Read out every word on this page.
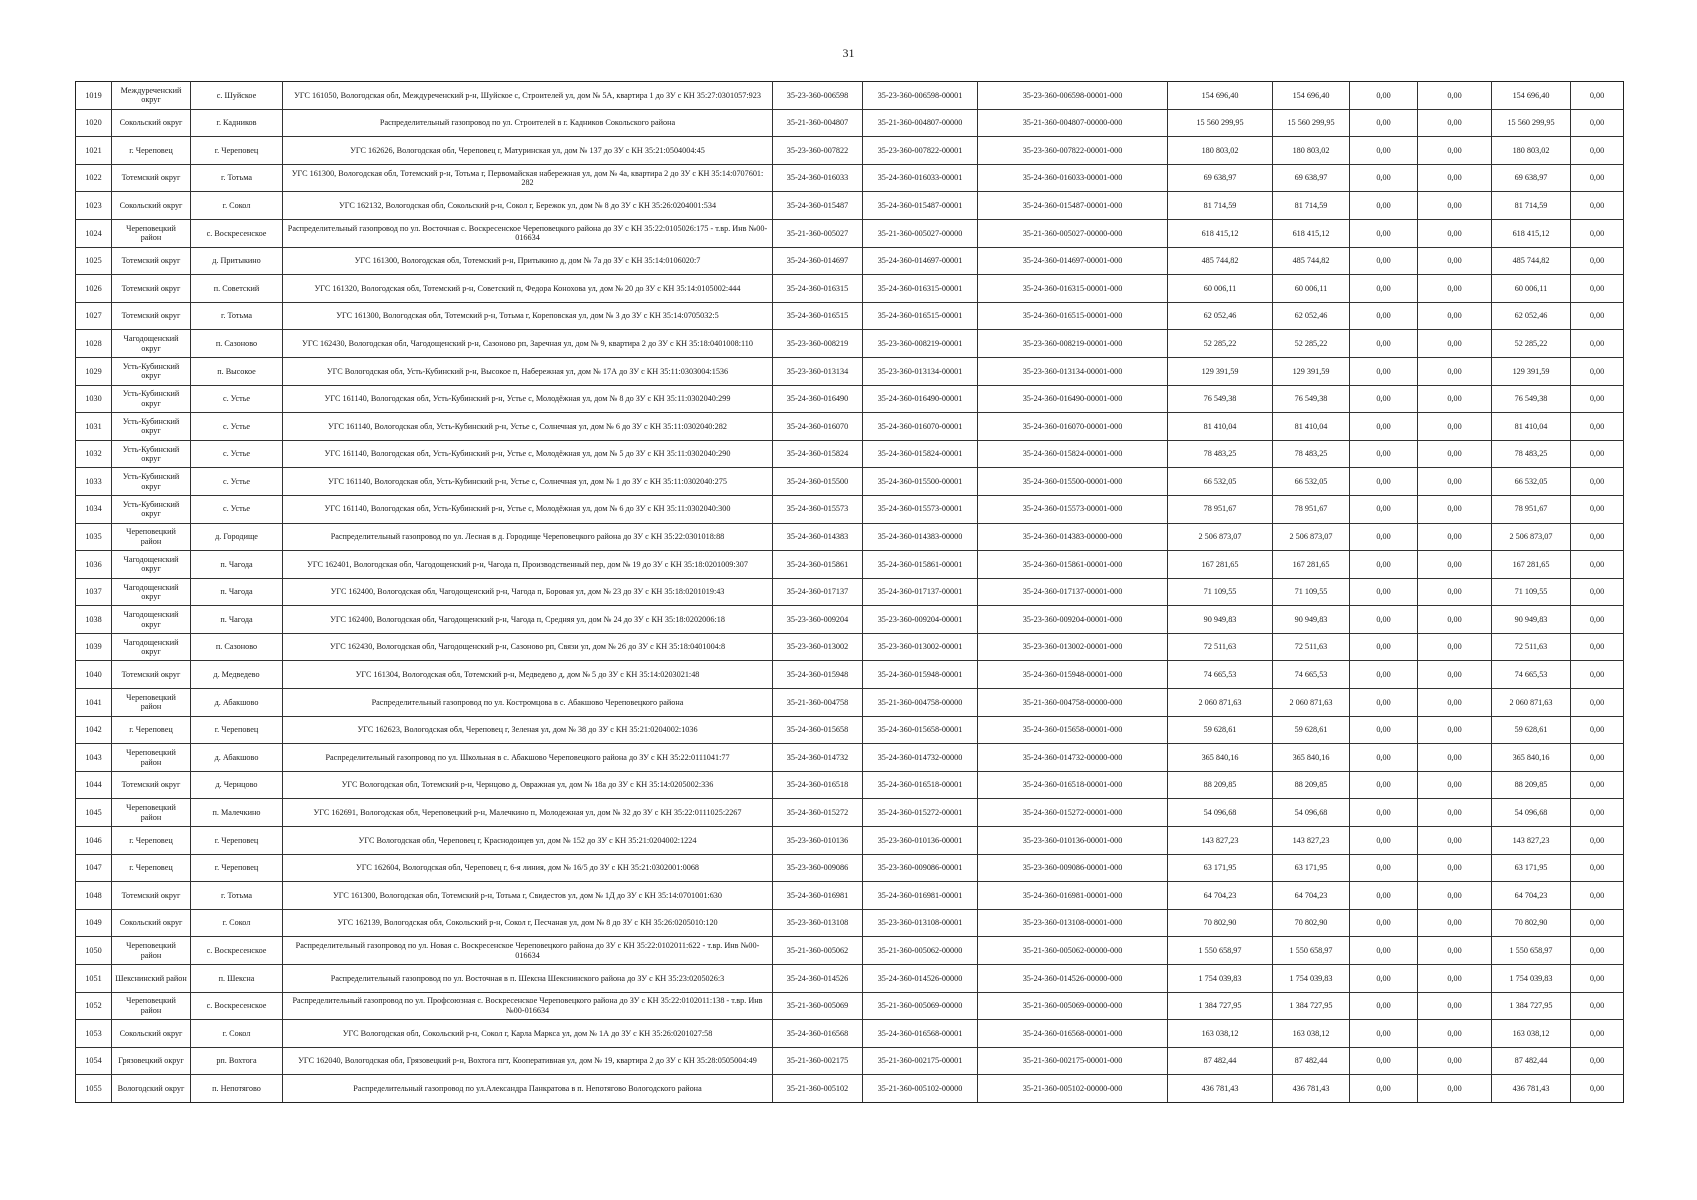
31
1019	Междуреченский округ	с. Шуйское	УГС 161050, Вологодская обл, Междуреченский р-н, Шуйское с, Строителей ул, дом № 5А, квартира 1 до ЗУ с КН 35:27:0301057:923	35-23-360-006598	35-23-360-006598-00001	35-23-360-006598-00001-000	154 696,40	154 696,40	0,00	0,00	154 696,40	0,00
1020	Сокольский округ	г. Кадников	Распределительный газопровод по ул. Строителей в г. Кадников Сокольского района	35-21-360-004807	35-21-360-004807-00000	35-21-360-004807-00000-000	15 560 299,95	15 560 299,95	0,00	0,00	15 560 299,95	0,00
1021	г. Череповец	г. Череповец	УГС 162626, Вологодская обл, Череповец г, Матуринская ул, дом № 137 до ЗУ с КН 35:21:0504004:45	35-23-360-007822	35-23-360-007822-00001	35-23-360-007822-00001-000	180 803,02	180 803,02	0,00	0,00	180 803,02	0,00
1022	Тотемский округ	г. Тотьма	УГС 161300, Вологодская обл, Тотемский р-н, Тотьма г, Первомайская набережная ул, дом № 4а, квартира 2 до ЗУ с КН 35:14:0707601: 282	35-24-360-016033	35-24-360-016033-00001	35-24-360-016033-00001-000	69 638,97	69 638,97	0,00	0,00	69 638,97	0,00
1023	Сокольский округ	г. Сокол	УГС 162132, Вологодская обл, Сокольский р-н, Сокол г, Бережок ул, дом № 8 до ЗУ с КН 35:26:0204001:534	35-24-360-015487	35-24-360-015487-00001	35-24-360-015487-00001-000	81 714,59	81 714,59	0,00	0,00	81 714,59	0,00
1024	Череповецкий район	с. Воскресенское	Распределительный газопровод по ул. Восточная с. Воскресенское Череповецкого района до ЗУ с КН 35:22:0105026:175 - т.вр. Инв №00-016634	35-21-360-005027	35-21-360-005027-00000	35-21-360-005027-00000-000	618 415,12	618 415,12	0,00	0,00	618 415,12	0,00
1025	Тотемский округ	д. Притыкино	УГС 161300, Вологодская обл, Тотемский р-н, Притыкино д, дом № 7а до ЗУ с КН 35:14:0106020:7	35-24-360-014697	35-24-360-014697-00001	35-24-360-014697-00001-000	485 744,82	485 744,82	0,00	0,00	485 744,82	0,00
1026	Тотемский округ	п. Советский	УГС 161320, Вологодская обл, Тотемский р-н, Советский п, Федора Конохова ул, дом № 20 до ЗУ с КН 35:14:0105002:444	35-24-360-016315	35-24-360-016315-00001	35-24-360-016315-00001-000	60 006,11	60 006,11	0,00	0,00	60 006,11	0,00
1027	Тотемский округ	г. Тотьма	УГС 161300, Вологодская обл, Тотемский р-н, Тотьма г, Кореповская ул, дом № 3 до ЗУ с КН 35:14:0705032:5	35-24-360-016515	35-24-360-016515-00001	35-24-360-016515-00001-000	62 052,46	62 052,46	0,00	0,00	62 052,46	0,00
1028	Чагодощенский округ	п. Сазоново	УГС 162430, Вологодская обл, Чагодощенский р-н, Сазоново рп, Заречная ул, дом № 9, квартира 2 до ЗУ с КН 35:18:0401008:110	35-23-360-008219	35-23-360-008219-00001	35-23-360-008219-00001-000	52 285,22	52 285,22	0,00	0,00	52 285,22	0,00
1029	Усть-Кубинский округ	п. Высокое	УГС Вологодская обл, Усть-Кубинский р-н, Высокое п, Набережная ул, дом № 17А до ЗУ с КН 35:11:0303004:1536	35-23-360-013134	35-23-360-013134-00001	35-23-360-013134-00001-000	129 391,59	129 391,59	0,00	0,00	129 391,59	0,00
1030	Усть-Кубинский округ	с. Устье	УГС 161140, Вологодская обл, Усть-Кубинский р-н, Устье с, Молодёжная ул, дом № 8 до ЗУ с КН 35:11:0302040:299	35-24-360-016490	35-24-360-016490-00001	35-24-360-016490-00001-000	76 549,38	76 549,38	0,00	0,00	76 549,38	0,00
1031	Усть-Кубинский округ	с. Устье	УГС 161140, Вологодская обл, Усть-Кубинский р-н, Устье с, Солнечная ул, дом № 6 до ЗУ с КН 35:11:0302040:282	35-24-360-016070	35-24-360-016070-00001	35-24-360-016070-00001-000	81 410,04	81 410,04	0,00	0,00	81 410,04	0,00
1032	Усть-Кубинский округ	с. Устье	УГС 161140, Вологодская обл, Усть-Кубинский р-н, Устье с, Молодёжная ул, дом № 5 до ЗУ с КН 35:11:0302040:290	35-24-360-015824	35-24-360-015824-00001	35-24-360-015824-00001-000	78 483,25	78 483,25	0,00	0,00	78 483,25	0,00
1033	Усть-Кубинский округ	с. Устье	УГС 161140, Вологодская обл, Усть-Кубинский р-н, Устье с, Солнечная ул, дом № 1 до ЗУ с КН 35:11:0302040:275	35-24-360-015500	35-24-360-015500-00001	35-24-360-015500-00001-000	66 532,05	66 532,05	0,00	0,00	66 532,05	0,00
1034	Усть-Кубинский округ	с. Устье	УГС 161140, Вологодская обл, Усть-Кубинский р-н, Устье с, Молодёжная ул, дом № 6 до ЗУ с КН 35:11:0302040:300	35-24-360-015573	35-24-360-015573-00001	35-24-360-015573-00001-000	78 951,67	78 951,67	0,00	0,00	78 951,67	0,00
1035	Череповецкий район	д. Городище	Распределительный газопровод по ул. Лесная в д. Городище Череповецкого района до ЗУ с КН 35:22:0301018:88	35-24-360-014383	35-24-360-014383-00000	35-24-360-014383-00000-000	2 506 873,07	2 506 873,07	0,00	0,00	2 506 873,07	0,00
1036	Чагодощенский округ	п. Чагода	УГС 162401, Вологодская обл, Чагодощенский р-н, Чагода п, Производственный пер, дом № 19 до ЗУ с КН 35:18:0201009:307	35-24-360-015861	35-24-360-015861-00001	35-24-360-015861-00001-000	167 281,65	167 281,65	0,00	0,00	167 281,65	0,00
1037	Чагодощенский округ	п. Чагода	УГС 162400, Вологодская обл, Чагодощенский р-н, Чагода п, Боровая ул, дом № 23 до ЗУ с КН 35:18:0201019:43	35-24-360-017137	35-24-360-017137-00001	35-24-360-017137-00001-000	71 109,55	71 109,55	0,00	0,00	71 109,55	0,00
1038	Чагодощенский округ	п. Чагода	УГС 162400, Вологодская обл, Чагодощенский р-н, Чагода п, Средняя ул, дом № 24 до ЗУ с КН 35:18:0202006:18	35-23-360-009204	35-23-360-009204-00001	35-23-360-009204-00001-000	90 949,83	90 949,83	0,00	0,00	90 949,83	0,00
1039	Чагодощенский округ	п. Сазоново	УГС 162430, Вологодская обл, Чагодощенский р-н, Сазоново рп, Связи ул, дом № 26 до ЗУ с КН 35:18:0401004:8	35-23-360-013002	35-23-360-013002-00001	35-23-360-013002-00001-000	72 511,63	72 511,63	0,00	0,00	72 511,63	0,00
1040	Тотемский округ	д. Медведево	УГС 161304, Вологодская обл, Тотемский р-н, Медведево д, дом № 5 до ЗУ с КН 35:14:0203021:48	35-24-360-015948	35-24-360-015948-00001	35-24-360-015948-00001-000	74 665,53	74 665,53	0,00	0,00	74 665,53	0,00
1041	Череповецкий район	д. Абакшово	Распределительный газопровод по ул. Костромцова в с. Абакшово Череповецкого района	35-21-360-004758	35-21-360-004758-00000	35-21-360-004758-00000-000	2 060 871,63	2 060 871,63	0,00	0,00	2 060 871,63	0,00
1042	г. Череповец	г. Череповец	УГС 162623, Вологодская обл, Череповец г, Зеленая ул, дом № 38 до ЗУ с КН 35:21:0204002:1036	35-24-360-015658	35-24-360-015658-00001	35-24-360-015658-00001-000	59 628,61	59 628,61	0,00	0,00	59 628,61	0,00
1043	Череповецкий район	д. Абакшово	Распределительный газопровод по ул. Школьная в с. Абакшово Череповецкого района до ЗУ с КН 35:22:0111041:77	35-24-360-014732	35-24-360-014732-00000	35-24-360-014732-00000-000	365 840,16	365 840,16	0,00	0,00	365 840,16	0,00
1044	Тотемский округ	д. Чернцово	УГС Вологодская обл, Тотемский р-н, Чернцово д, Овражная ул, дом № 18а до ЗУ с КН 35:14:0205002:336	35-24-360-016518	35-24-360-016518-00001	35-24-360-016518-00001-000	88 209,85	88 209,85	0,00	0,00	88 209,85	0,00
1045	Череповецкий район	п. Малечкино	УГС 162691, Вологодская обл, Череповецкий р-н, Малечкино п, Молодежная ул, дом № 32 до ЗУ с КН 35:22:0111025:2267	35-24-360-015272	35-24-360-015272-00001	35-24-360-015272-00001-000	54 096,68	54 096,68	0,00	0,00	54 096,68	0,00
1046	г. Череповец	г. Череповец	УГС Вологодская обл, Череповец г, Краснодонцев ул, дом № 152 до ЗУ с КН 35:21:0204002:1224	35-23-360-010136	35-23-360-010136-00001	35-23-360-010136-00001-000	143 827,23	143 827,23	0,00	0,00	143 827,23	0,00
1047	г. Череповец	г. Череповец	УГС 162604, Вологодская обл, Череповец г, 6-я линия, дом № 16/5 до ЗУ с КН 35:21:0302001:0068	35-23-360-009086	35-23-360-009086-00001	35-23-360-009086-00001-000	63 171,95	63 171,95	0,00	0,00	63 171,95	0,00
1048	Тотемский округ	г. Тотьма	УГС 161300, Вологодская обл, Тотемский р-н, Тотьма г, Свидестов ул, дом № 1Д до ЗУ с КН 35:14:0701001:630	35-24-360-016981	35-24-360-016981-00001	35-24-360-016981-00001-000	64 704,23	64 704,23	0,00	0,00	64 704,23	0,00
1049	Сокольский округ	г. Сокол	УГС 162139, Вологодская обл, Сокольский р-н, Сокол г, Песчаная ул, дом № 8 до ЗУ с КН 35:26:0205010:120	35-23-360-013108	35-23-360-013108-00001	35-23-360-013108-00001-000	70 802,90	70 802,90	0,00	0,00	70 802,90	0,00
1050	Череповецкий район	с. Воскресенское	Распределительный газопровод по ул. Новая с. Воскресенское Череповецкого района до ЗУ с КН 35:22:0102011:622 - т.вр. Инв №00-016634	35-21-360-005062	35-21-360-005062-00000	35-21-360-005062-00000-000	1 550 658,97	1 550 658,97	0,00	0,00	1 550 658,97	0,00
1051	Шекснинский район	п. Шексна	Распределительный газопровод по ул. Восточная в п. Шексна Шекснинского района до ЗУ с КН 35:23:0205026:3	35-24-360-014526	35-24-360-014526-00000	35-24-360-014526-00000-000	1 754 039,83	1 754 039,83	0,00	0,00	1 754 039,83	0,00
1052	Череповецкий район	с. Воскресенское	Распределительный газопровод по ул. Профсоюзная с. Воскресенское Череповецкого района до ЗУ с КН 35:22:0102011:138 - т.вр. Инв №00-016634	35-21-360-005069	35-21-360-005069-00000	35-21-360-005069-00000-000	1 384 727,95	1 384 727,95	0,00	0,00	1 384 727,95	0,00
1053	Сокольский округ	г. Сокол	УГС Вологодская обл, Сокольский р-н, Сокол г, Карла Маркса ул, дом № 1А до ЗУ с КН 35:26:0201027:58	35-24-360-016568	35-24-360-016568-00001	35-24-360-016568-00001-000	163 038,12	163 038,12	0,00	0,00	163 038,12	0,00
1054	Грязовецкий округ	рп. Вохтога	УГС 162040, Вологодская обл, Грязовецкий р-н, Вохтога пгт, Кооперативная ул, дом № 19, квартира 2 до ЗУ с КН 35:28:0505004:49	35-21-360-002175	35-21-360-002175-00001	35-21-360-002175-00001-000	87 482,44	87 482,44	0,00	0,00	87 482,44	0,00
1055	Вологодский округ	п. Непотягово	Распределительный газопровод по ул.Александра Панкратова в п. Непотягово Вологодского района	35-21-360-005102	35-21-360-005102-00000	35-21-360-005102-00000-000	436 781,43	436 781,43	0,00	0,00	436 781,43	0,00
